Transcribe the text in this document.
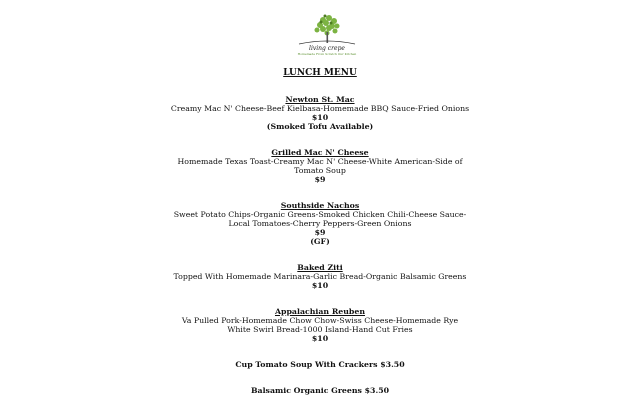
living crepe
Homemade From Scratch Our Kitchen
LUNCH MENU
Newton St. Mac
Creamy Mac N' Cheese-Beef Kielbasa-Homemade BBQ Sauce-Fried Onions
$10
(Smoked Tofu Available)
Grilled Mac N' Cheese
Homemade Texas Toast-Creamy Mac N' Cheese-White American-Side of Tomato Soup
$9
Southside Nachos
Sweet Potato Chips-Organic Greens-Smoked Chicken Chili-Cheese Sauce-Local Tomatoes-Cherry Peppers-Green Onions
$9
(GF)
Baked Ziti
Topped With Homemade Marinara-Garlic Bread-Organic Balsamic Greens
$10
Appalachian Reuben
Va Pulled Pork-Homemade Chow Chow-Swiss Cheese-Homemade Rye White Swirl Bread-1000 Island-Hand Cut Fries
$10
Cup Tomato Soup With Crackers $3.50
Balsamic Organic Greens $3.50
